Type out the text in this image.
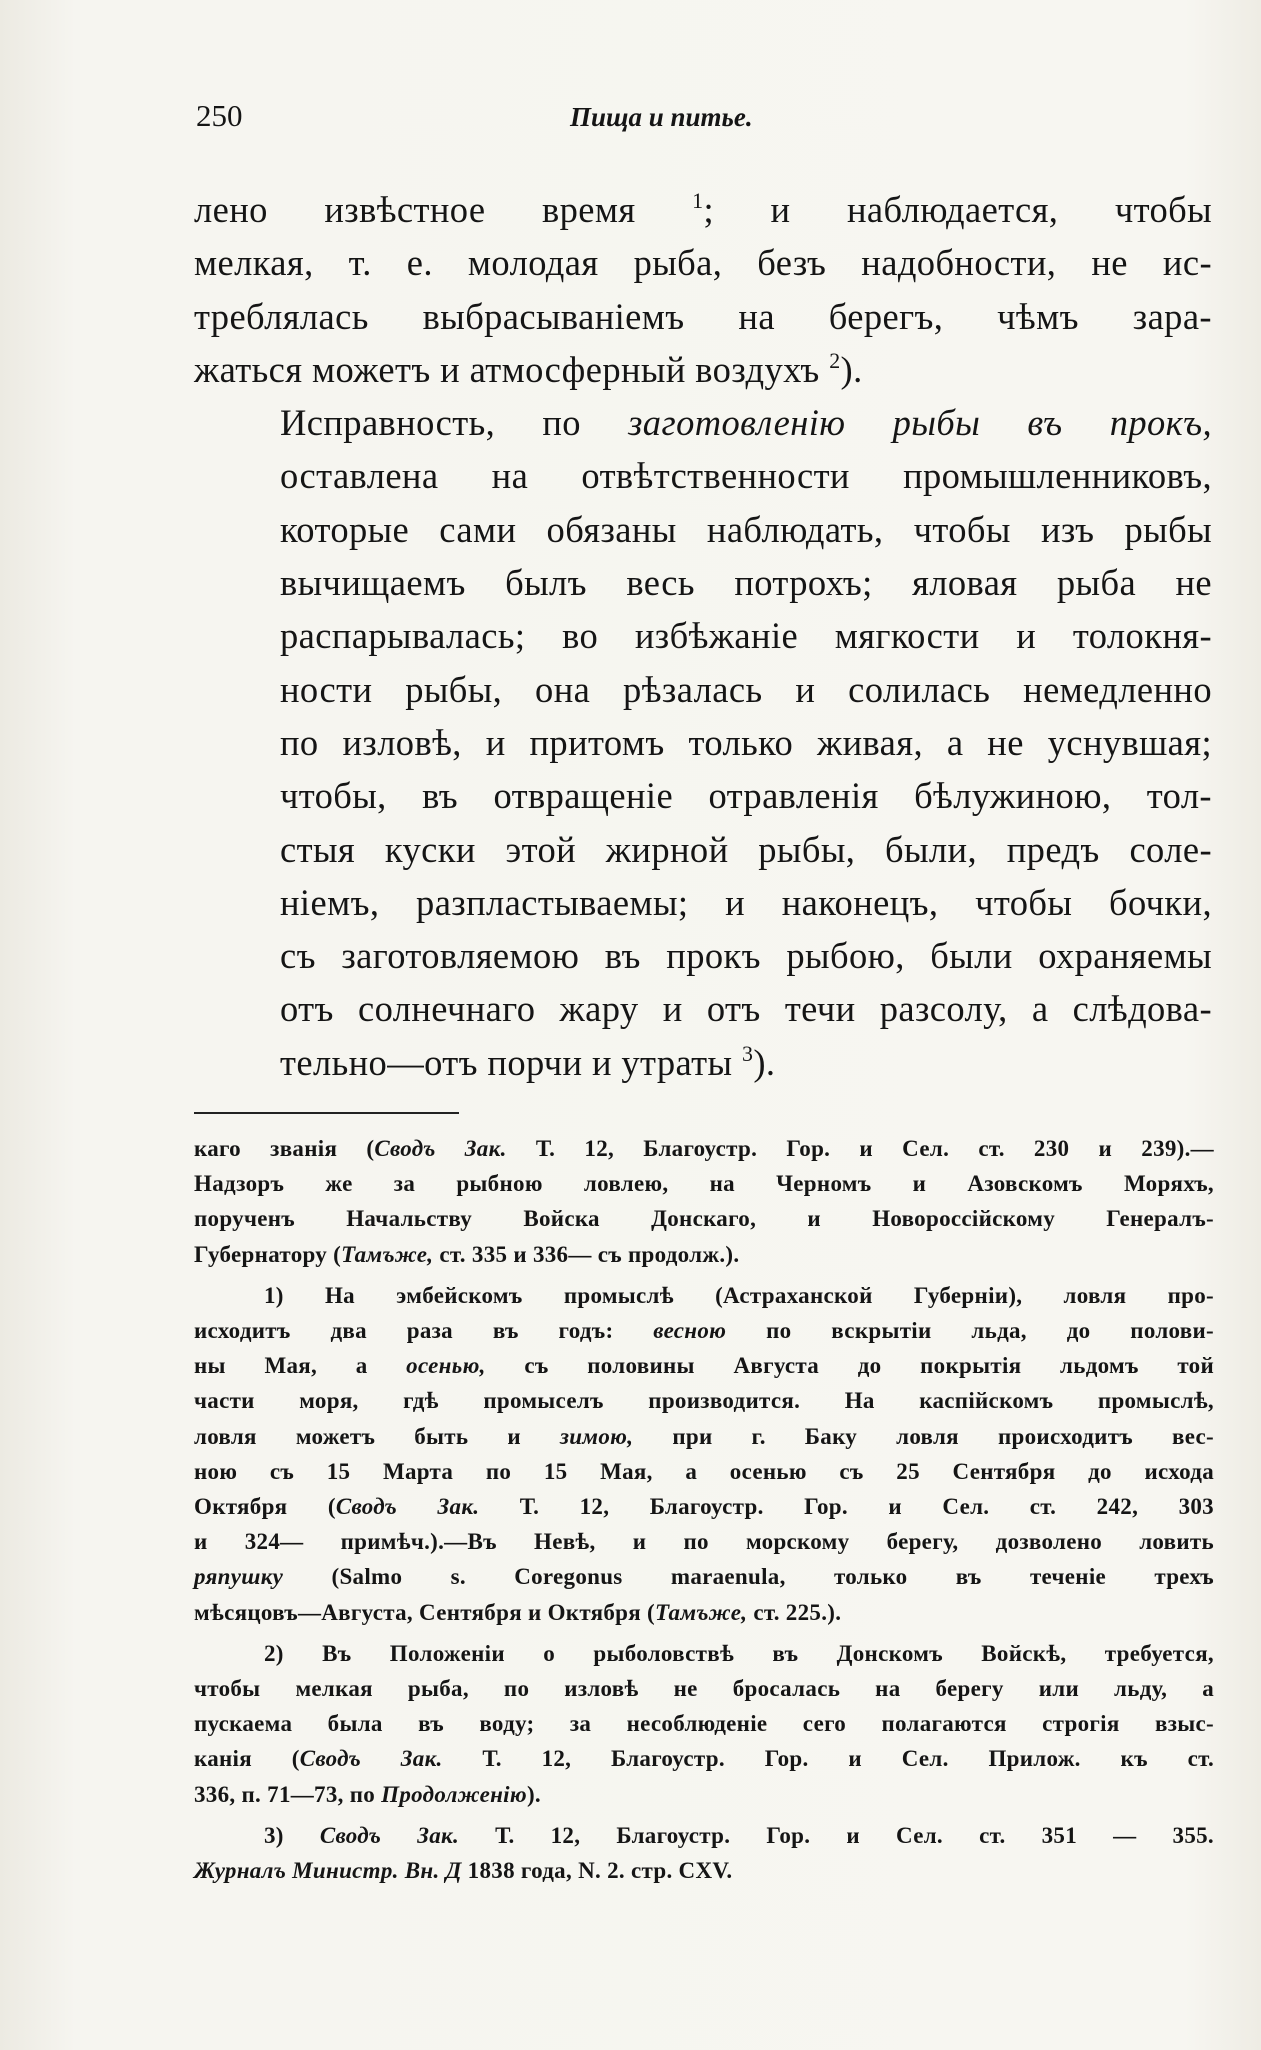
250	Пища и питье.

лено извѣстное время	$^1$; и наблюдается, чтобы
мелкая, т. е. молодая рыба, безъ надобности, не ис-
треблялась выбрасываніемъ на берегъ, чѣмъ зара-
жаться можетъ и атмосферный воздухъ $^2$).

Исправность, по заготовленію рыбы въ прокъ,
оставлена на отвѣтственности промышленниковъ,
которые сами обязаны наблюдать, чтобы изъ рыбы
вычищаемъ былъ весь потрохъ; яловая рыба не
распарывалась; во избѣжаніе мягкости и толокня-
ности рыбы, она рѣзалась и солилась немедленно
по изловѣ, и притомъ только живая, а не уснувшая;
чтобы, въ отвращеніе отравленія бѣлужиною, тол-
стыя куски этой жирной рыбы, были, предъ соле-
ніемъ, разпластываемы; и наконецъ, чтобы бочки,
съ заготовляемою въ прокъ рыбою, были охраняемы
отъ солнечнаго жару и отъ течи разсолу, а слѣдова-
тельно—отъ порчи и утраты $^3$).

каго званія (Сводъ Зак. Т. 12, Благоустр. Гор. и Сел. ст. 230 и 239).—
Надзоръ же за рыбною ловлею, на Черномъ и Азовскомъ Моряхъ,
порученъ Начальству Войска Донскаго, и Новороссійскому Генералъ-
Губернатору (Тамъже, ст. 335 и 336— съ продолж.).

1) На эмбейскомъ промыслѣ (Астраханской Губерніи), ловля про-
исходитъ два раза въ годъ: весною по вскрытіи льда, до полови-
ны Мая, а осенью, съ половины Августа до покрытія льдомъ той
части моря, гдѣ промыселъ производится. На каспійскомъ промыслѣ,
ловля можетъ быть и зимою, при г. Баку ловля происходитъ вес-
ною съ 15 Марта по 15 Мая, а осенью съ 25 Сентября до исхода
Октября (Сводъ Зак. Т. 12, Благоустр. Гор. и Сел. ст. 242, 303
и 324— примѣч.).—Въ Невѣ, и по морскому берегу, дозволено ловить
ряпушку (Salmo s. Coregonus maraenula, только въ теченіе трехъ
мѣсяцовъ—Августа, Сентября и Октября (Тамъже, ст. 225.).

2) Въ Положеніи о рыболовствѣ въ Донскомъ Войскѣ, требуется,
чтобы мелкая рыба, по изловѣ не бросалась на берегу или льду, а
пускаема была въ воду; за несоблюденіе сего полагаются строгія взыс-
канія (Сводъ Зак. Т. 12, Благоустр. Гор. и Сел. Прилож. къ ст.
336, п. 71—73, по Продолженію).

3) Сводъ Зак. Т. 12, Благоустр. Гор. и Сел. ст. 351 — 355.
Журналъ Министр. Вн. Д 1838 года, N. 2. стр. CXV.
